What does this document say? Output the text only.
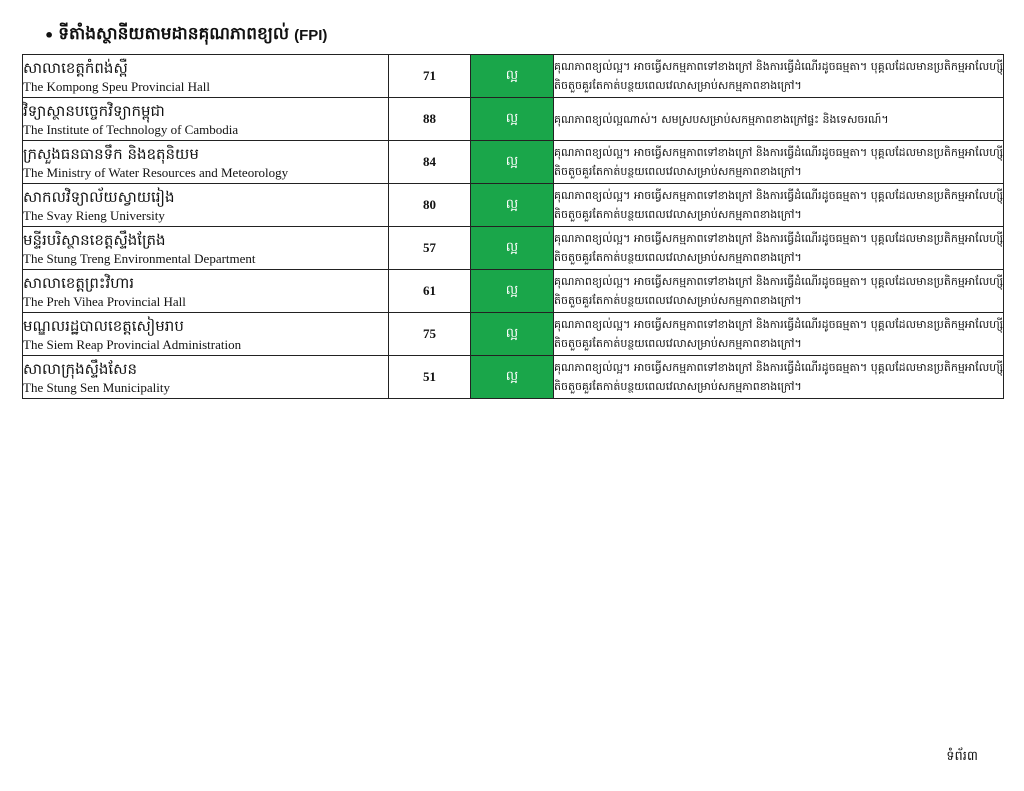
• ទីតាំងស្ថានីយតាមដានគុណភាពខ្យល់ (FPI)
សាលាខេត្តកំពង់ស្ពឺ
The Kompong Speu Provincial Hall	71	ល្អ	គុណភាពខ្យល់ល្អ។ អាចធ្វើសកម្មភាពទៅខាងក្រៅ និងការធ្វើដំណើរដូចធម្មតា។ បុគ្គលដែលមានប្រតិកម្មអាលែហ្ស៊ីតិចតួចគួរតែកាត់បន្ថយពេលវេលាសម្រាប់សកម្មភាពខាងក្រៅ។

វិទ្យាស្ថានបច្ចេកវិទ្យាកម្ពុជា
The Institute of Technology of Cambodia	88	ល្អ	គុណភាពខ្យល់ល្អណាស់។ សមស្របសម្រាប់សកម្មភាពខាងក្រៅផ្ទះ និងទេសចរណ៍។

ក្រសួងធនធានទឹក និងឧតុនិយម
The Ministry of Water Resources and Meteorology	84	ល្អ	គុណភាពខ្យល់ល្អ។ អាចធ្វើសកម្មភាពទៅខាងក្រៅ និងការធ្វើដំណើរដូចធម្មតា។ បុគ្គលដែលមានប្រតិកម្មអាលែហ្ស៊ីតិចតួចគួរតែកាត់បន្ថយពេលវេលាសម្រាប់សកម្មភាពខាងក្រៅ។

សាកលវិទ្យាល័យស្វាយរៀង
The Svay Rieng University	80	ល្អ	គុណភាពខ្យល់ល្អ។ អាចធ្វើសកម្មភាពទៅខាងក្រៅ និងការធ្វើដំណើរដូចធម្មតា។ បុគ្គលដែលមានប្រតិកម្មអាលែហ្ស៊ីតិចតួចគួរតែកាត់បន្ថយពេលវេលាសម្រាប់សកម្មភាពខាងក្រៅ។

មន្ទីរបរិស្ថានខេត្តស្ទឹងត្រែង
The Stung Treng Environmental Department	57	ល្អ	គុណភាពខ្យល់ល្អ។ អាចធ្វើសកម្មភាពទៅខាងក្រៅ និងការធ្វើដំណើរដូចធម្មតា។ បុគ្គលដែលមានប្រតិកម្មអាលែហ្ស៊ីតិចតួចគួរតែកាត់បន្ថយពេលវេលាសម្រាប់សកម្មភាពខាងក្រៅ។

សាលាខេត្តព្រះវិហារ
The Preh Vihea Provincial Hall	61	ល្អ	គុណភាពខ្យល់ល្អ។ អាចធ្វើសកម្មភាពទៅខាងក្រៅ និងការធ្វើដំណើរដូចធម្មតា។ បុគ្គលដែលមានប្រតិកម្មអាលែហ្ស៊ីតិចតួចគួរតែកាត់បន្ថយពេលវេលាសម្រាប់សកម្មភាពខាងក្រៅ។

មណ្ឌលរដ្ឋបាលខេត្តសៀមរាប
The Siem Reap Provincial Administration	75	ល្អ	គុណភាពខ្យល់ល្អ។ អាចធ្វើសកម្មភាពទៅខាងក្រៅ និងការធ្វើដំណើរដូចធម្មតា។ បុគ្គលដែលមានប្រតិកម្មអាលែហ្ស៊ីតិចតួចគួរតែកាត់បន្ថយពេលវេលាសម្រាប់សកម្មភាពខាងក្រៅ។

សាលាក្រុងស្ទឹងសែន
The Stung Sen Municipality	51	ល្អ	គុណភាពខ្យល់ល្អ។ អាចធ្វើសកម្មភាពទៅខាងក្រៅ និងការធ្វើដំណើរដូចធម្មតា។ បុគ្គលដែលមានប្រតិកម្មអាលែហ្ស៊ីតិចតួចគួរតែកាត់បន្ថយពេលវេលាសម្រាប់សកម្មភាពខាងក្រៅ។
ទំព័រ៣
